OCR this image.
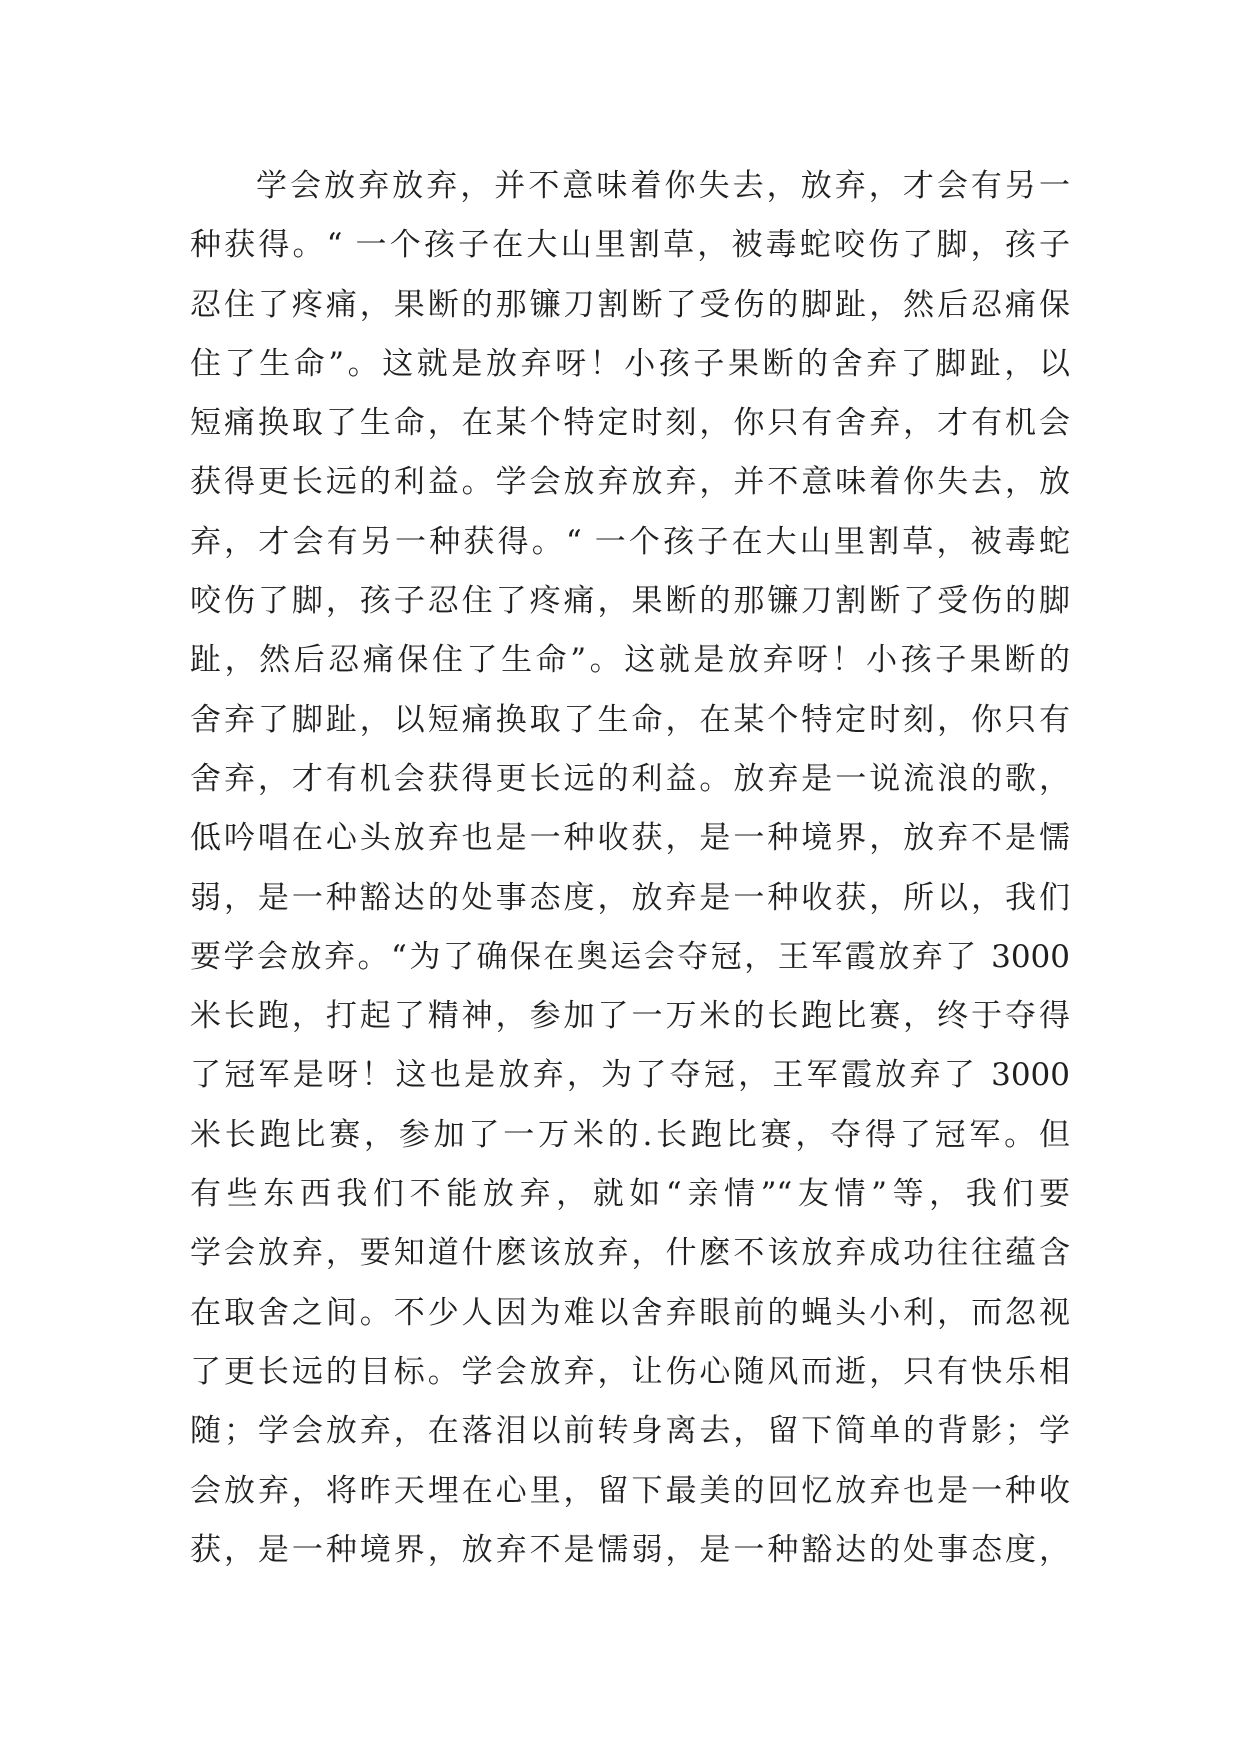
学会放弃放弃，并不意味着你失去，放弃，才会有另一
种获得。“ 一个孩子在大山里割草，被毒蛇咬伤了脚，孩子
忍住了疼痛，果断的那镰刀割断了受伤的脚趾，然后忍痛保
住了生命”。这就是放弃呀！小孩子果断的舍弃了脚趾，以
短痛换取了生命，在某个特定时刻，你只有舍弃，才有机会
获得更长远的利益。学会放弃放弃，并不意味着你失去，放
弃，才会有另一种获得。“ 一个孩子在大山里割草，被毒蛇
咬伤了脚，孩子忍住了疼痛，果断的那镰刀割断了受伤的脚
趾，然后忍痛保住了生命”。这就是放弃呀！小孩子果断的
舍弃了脚趾，以短痛换取了生命，在某个特定时刻，你只有
舍弃，才有机会获得更长远的利益。放弃是一说流浪的歌，
低吟唱在心头放弃也是一种收获，是一种境界，放弃不是懦
弱，是一种豁达的处事态度，放弃是一种收获，所以，我们
要学会放弃。“为了确保在奥运会夺冠，王军霞放弃了 3000
米长跑，打起了精神，参加了一万米的长跑比赛，终于夺得
了冠军是呀！这也是放弃，为了夺冠，王军霞放弃了 3000
米长跑比赛，参加了一万米的.长跑比赛，夺得了冠军。但
有些东西我们不能放弃，就如“亲情”“友情”等，我们要
学会放弃，要知道什麽该放弃，什麽不该放弃成功往往蕴含
在取舍之间。不少人因为难以舍弃眼前的蝇头小利，而忽视
了更长远的目标。学会放弃，让伤心随风而逝，只有快乐相
随；学会放弃，在落泪以前转身离去，留下简单的背影；学
会放弃，将昨天埋在心里，留下最美的回忆放弃也是一种收
获，是一种境界，放弃不是懦弱，是一种豁达的处事态度，
